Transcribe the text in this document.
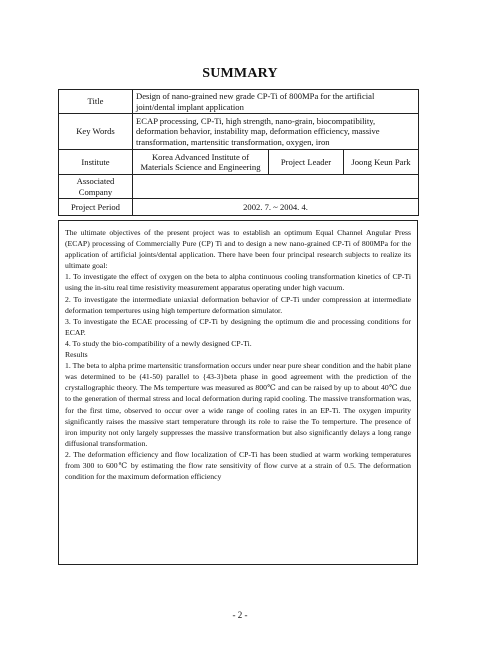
SUMMARY
Title	Design of nano-grained new grade CP-Ti of 800MPa for the artificial joint/dental implant application		
Key Words	ECAP processing, CP-Ti, high strength, nano-grain, biocompatibility, deformation behavior, instability map, deformation efficiency, massive transformation, martensitic transformation, oxygen, iron		
Institute	Korea Advanced Institute of Materials Science and Engineering	Project Leader	Joong Keun Park
Associated Company			
Project Period	2002. 7. ~ 2004. 4.		

The ultimate objectives of the present project was to establish an optimum Equal Channel Angular Press (ECAP) processing of Commercially Pure (CP) Ti and to design a new nano-grained CP-Ti of 800MPa for the application of artificial joints/dental application. There have been four principal research subjects to realize its ultimate goal:

1. To investigate the effect of oxygen on the beta to alpha continuous cooling transformation kinetics of CP-Ti using the in-situ real time resistivity measurement apparatus operating under high vacuum.

2. To investigate the intermediate uniaxial deformation behavior of CP-Ti under compression at intermediate deformation tempertures using high temperture deformation simulator.

3. To investigate the ECAE processing of CP-Ti by designing the optimum die and processing conditions for ECAP.

4. To study the bio-compatibility of a newly designed CP-Ti.

Results

1. The beta to alpha prime martensitic transformation occurs under near pure shear condition and the habit plane was determined to be (41-50) parallel to {43-3}beta phase in good agreement with the prediction of the crystallographic theory. The Ms temperture was measured as 800℃ and can be raised by up to about 40℃ due to the generation of thermal stress and local deformation during rapid cooling. The massive transformation was, for the first time, observed to occur over a wide range of cooling rates in an EP-Ti. The oxygen impurity significantly raises the massive start temperature through its role to raise the To temperture. The presence of iron impurity not only largely suppresses the massive transformation but also significantly delays a long range diffusional transformation.

2. The deformation efficiency and flow localization of CP-Ti has been studied at warm working temperatures from 300 to 600℃ by estimating the flow rate sensitivity of flow curve at a strain of 0.5. The deformation condition for the maximum deformation efficiency

- 2 -
